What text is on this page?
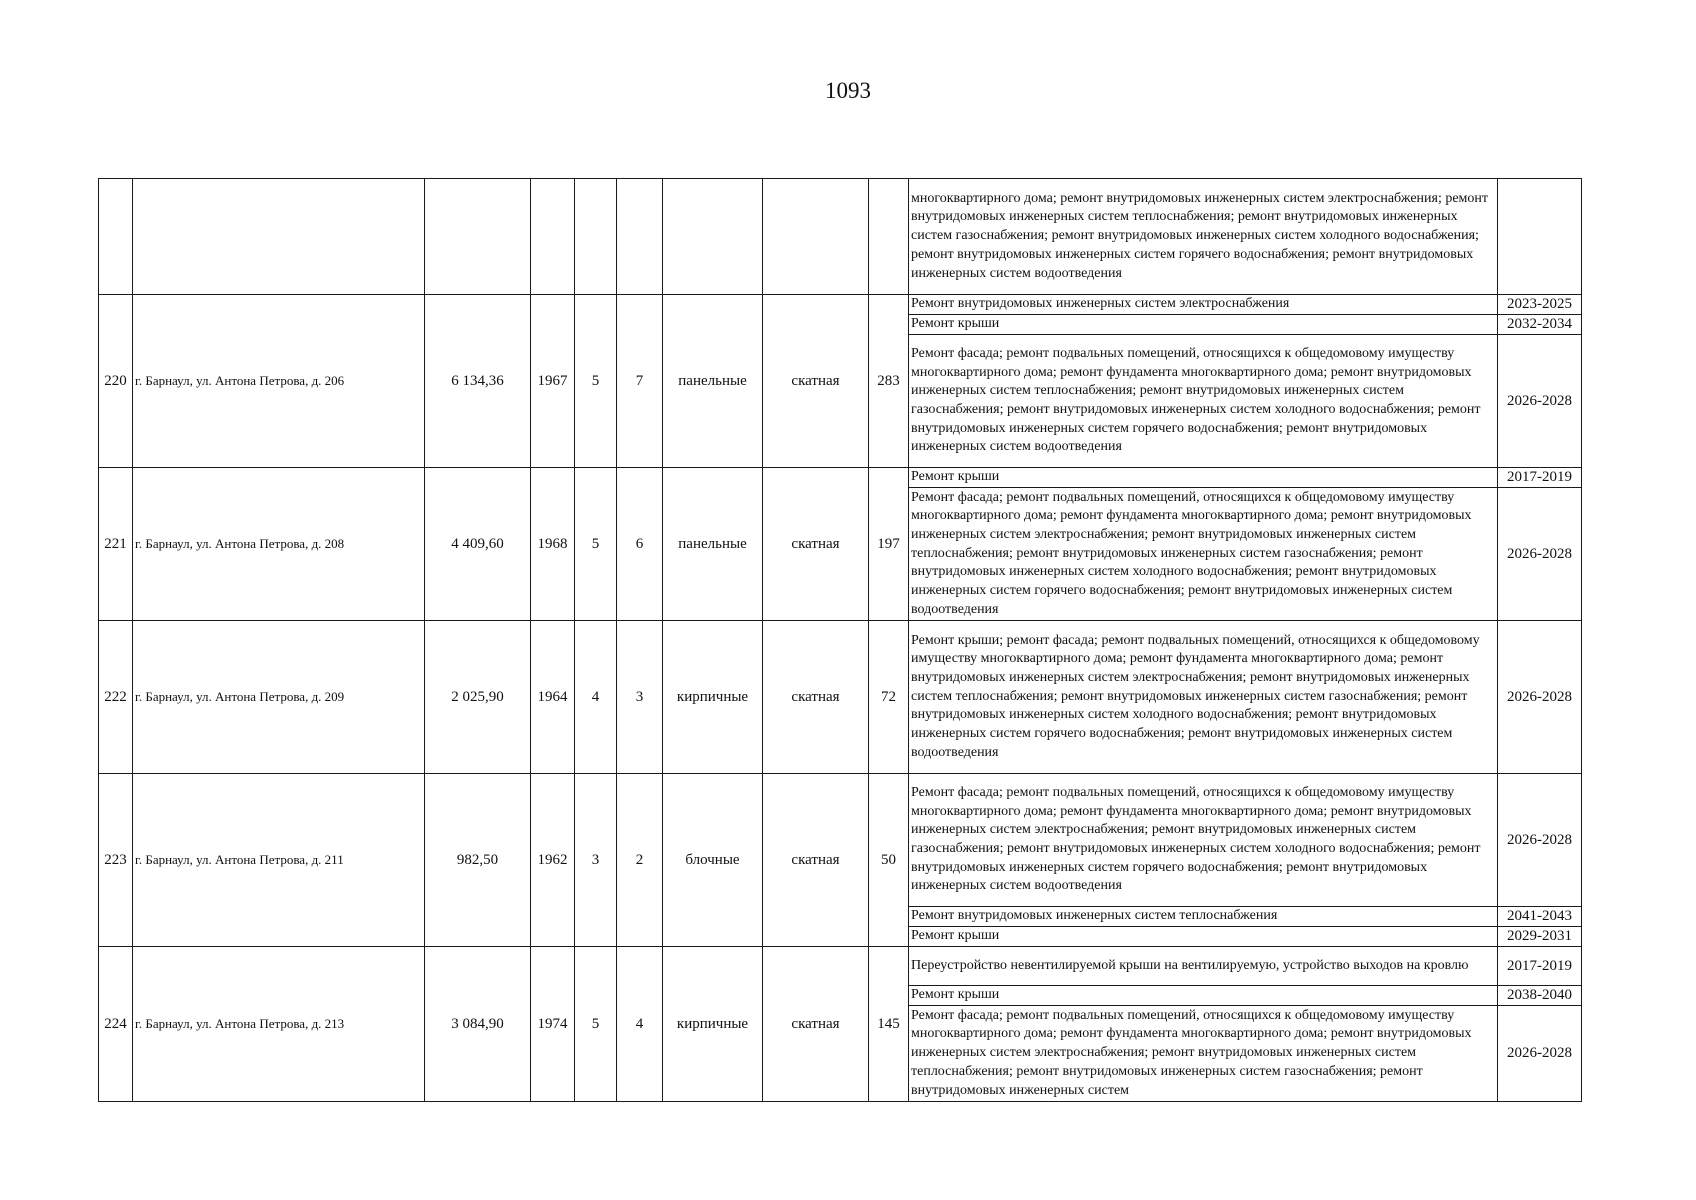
1093
									многоквартирного дома; ремонт внутридомовых инженерных систем электроснабжения; ремонт внутридомовых инженерных систем теплоснабжения; ремонт внутридомовых инженерных систем газоснабжения; ремонт внутридомовых инженерных систем холодного водоснабжения; ремонт внутридомовых инженерных систем горячего водоснабжения; ремонт внутридомовых инженерных систем водоотведения	
220	г. Барнаул, ул. Антона Петрова, д. 206	6 134,36	1967	5	7	панельные	скатная	283	Ремонт внутридомовых инженерных систем электроснабжения	2023-2025
									Ремонт крыши	2032-2034
									Ремонт фасада; ремонт подвальных помещений, относящихся к общедомовому имуществу многоквартирного дома; ремонт фундамента многоквартирного дома; ремонт внутридомовых инженерных систем теплоснабжения; ремонт внутридомовых инженерных систем газоснабжения; ремонт внутридомовых инженерных систем холодного водоснабжения; ремонт внутридомовых инженерных систем горячего водоснабжения; ремонт внутридомовых инженерных систем водоотведения	2026-2028
221	г. Барнаул, ул. Антона Петрова, д. 208	4 409,60	1968	5	6	панельные	скатная	197	Ремонт крыши	2017-2019
									Ремонт фасада; ремонт подвальных помещений, относящихся к общедомовому имуществу многоквартирного дома; ремонт фундамента многоквартирного дома; ремонт внутридомовых инженерных систем электроснабжения; ремонт внутридомовых инженерных систем теплоснабжения; ремонт внутридомовых инженерных систем газоснабжения; ремонт внутридомовых инженерных систем холодного водоснабжения; ремонт внутридомовых инженерных систем горячего водоснабжения; ремонт внутридомовых инженерных систем водоотведения	2026-2028
222	г. Барнаул, ул. Антона Петрова, д. 209	2 025,90	1964	4	3	кирпичные	скатная	72	Ремонт крыши; ремонт фасада; ремонт подвальных помещений, относящихся к общедомовому имуществу многоквартирного дома; ремонт фундамента многоквартирного дома; ремонт внутридомовых инженерных систем электроснабжения; ремонт внутридомовых инженерных систем теплоснабжения; ремонт внутридомовых инженерных систем газоснабжения; ремонт внутридомовых инженерных систем холодного водоснабжения; ремонт внутридомовых инженерных систем горячего водоснабжения; ремонт внутридомовых инженерных систем водоотведения	2026-2028
223	г. Барнаул, ул. Антона Петрова, д. 211	982,50	1962	3	2	блочные	скатная	50	Ремонт фасада; ремонт подвальных помещений, относящихся к общедомовому имуществу многоквартирного дома; ремонт фундамента многоквартирного дома; ремонт внутридомовых инженерных систем электроснабжения; ремонт внутридомовых инженерных систем газоснабжения; ремонт внутридомовых инженерных систем холодного водоснабжения; ремонт внутридомовых инженерных систем горячего водоснабжения; ремонт внутридомовых инженерных систем водоотведения	2026-2028
									Ремонт внутридомовых инженерных систем теплоснабжения	2041-2043
									Ремонт крыши	2029-2031
224	г. Барнаул, ул. Антона Петрова, д. 213	3 084,90	1974	5	4	кирпичные	скатная	145	Переустройство невентилируемой крыши на вентилируемую, устройство выходов на кровлю	2017-2019
									Ремонт крыши	2038-2040
									Ремонт фасада; ремонт подвальных помещений, относящихся к общедомовому имуществу многоквартирного дома; ремонт фундамента многоквартирного дома; ремонт внутридомовых инженерных систем электроснабжения; ремонт внутридомовых инженерных систем теплоснабжения; ремонт внутридомовых инженерных систем газоснабжения; ремонт внутридомовых инженерных систем	2026-2028
